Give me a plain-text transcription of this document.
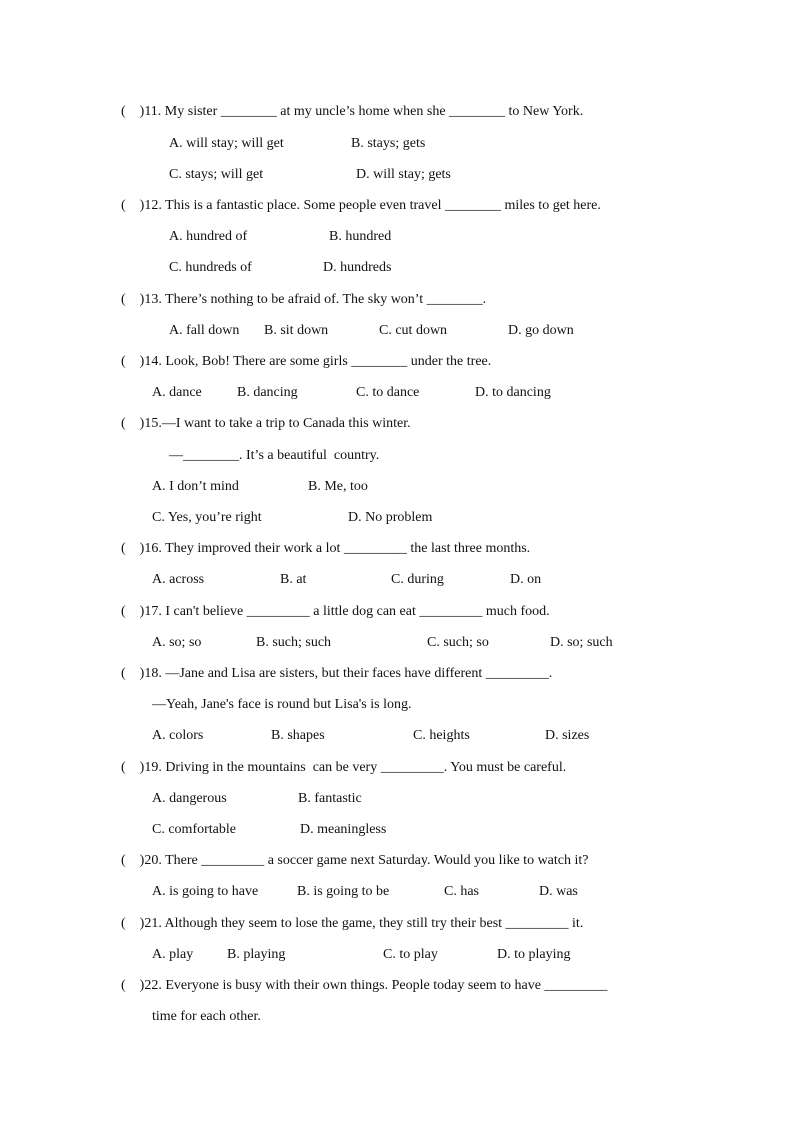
(    )11. My sister ________ at my uncle’s home when she ________ to New York.
A. will stay; will get	B. stays; gets
C. stays; will get	D. will stay; gets
(    )12. This is a fantastic place. Some people even travel ________ miles to get here.
A. hundred of	B. hundred
C. hundreds of	D. hundreds
(    )13. There’s nothing to be afraid of. The sky won’t ________.
A. fall down B. sit down	C. cut down	D. go down
(    )14. Look, Bob! There are some girls ________ under the tree.
A. dance	B. dancing	C. to dance	D. to dancing
(    )15.—I want to take a trip to Canada this winter.
—________. It’s a beautiful  country.
A. I don’t mind	B. Me, too
C. Yes, you’re right	D. No problem
(    )16. They improved their work a lot _________ the last three months.
A. across	B. at	C. during	D. on
(    )17. I can't believe _________ a little dog can eat _________ much food.
A. so; so	B. such; such	C. such; so	D. so; such
(    )18. —Jane and Lisa are sisters, but their faces have different _________.
—Yeah, Jane's face is round but Lisa's is long.
A. colors	B. shapes	C. heights	D. sizes
(    )19. Driving in the mountains  can be very _________. You must be careful.
A. dangerous	B. fantastic
C. comfortable	D. meaningless
(    )20. There _________ a soccer game next Saturday. Would you like to watch it?
A. is going to have	B. is going to be	C. has	D. was
(    )21. Although they seem to lose the game, they still try their best _________ it.
A. play B. playing	C. to play	D. to playing
(    )22. Everyone is busy with their own things. People today seem to have _________
time for each other.
